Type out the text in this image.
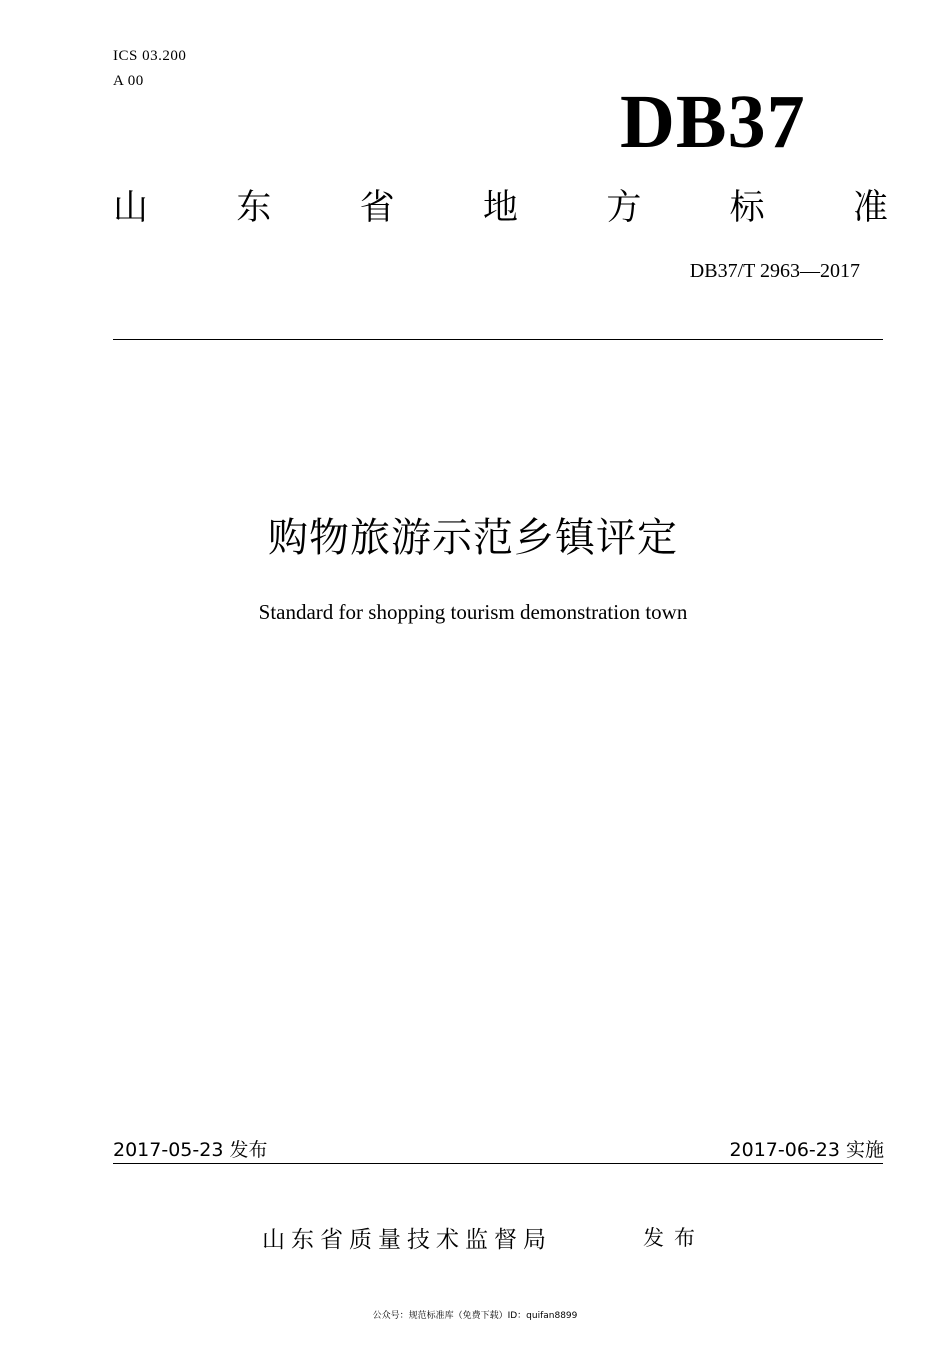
ICS 03.200
A 00	DB37
山	东	省	地	方	标	准
DB37/T 2963—2017
购物旅游示范乡镇评定
Standard for shopping tourism demonstration town
2017-05-23 发布	2017-06-23 实施
山东省质量技术监督局	发布
公众号：规范标准库（免费下载）ID：quifan8899
